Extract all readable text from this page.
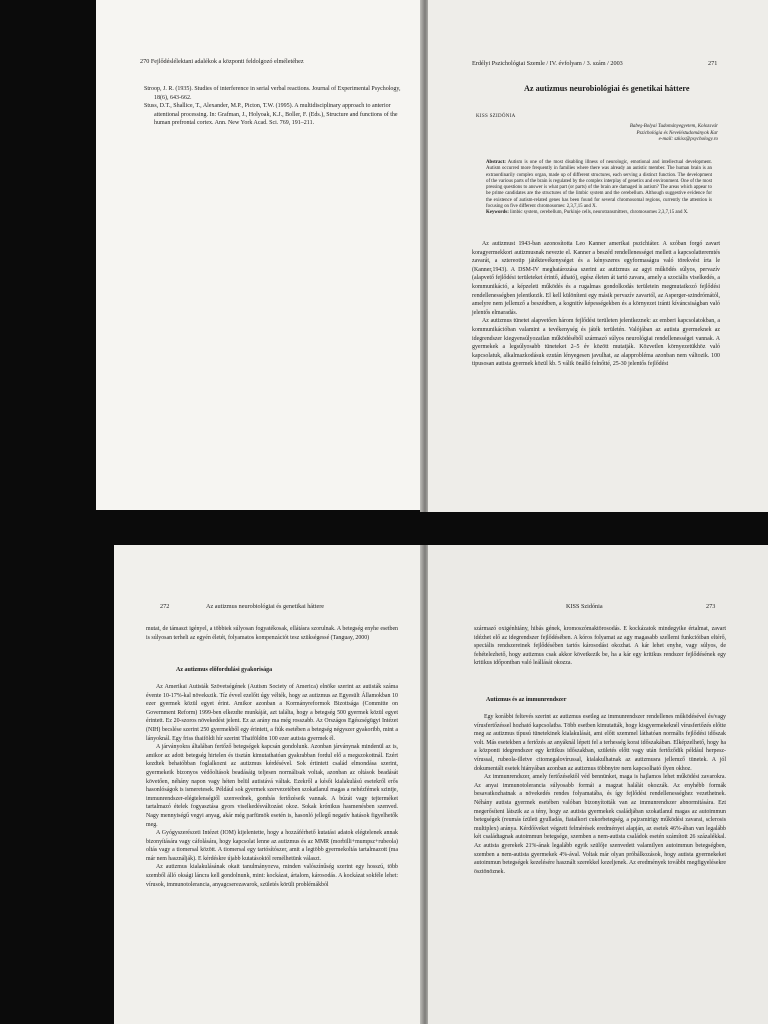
270 Fejlődéslélektani adalékok a központi feldolgozó elméletéhez

Stroop, J. R. (1935). Studies of interference in serial verbal reactions. Journal of Experimental Psychology, 18(6), 643-662.

Stuss, D.T., Shallice, T., Alexander, M.P., Picton, T.W. (1995). A multidisciplinary approach to anterior attentional processing. In: Grafman, J., Holyoak, K.J., Boller, F. (Eds.), Structure and functions of the human prefrontal cortex. Ann. New York Acad. Sci. 769, 191–211.

Erdélyi Pszichológiai Szemle / IV. évfolyam / 3. szám / 2003	271
Az autizmus neurobiológiai és genetikai háttere
KISS SZIDÓNIA
Babeş-Bolyai Tudományegyetem, Kolozsvár
Pszichológia és Neveléstudományok Kar
e-mail: szkiss@psychology.ro

Abstract: Autism is one of the most disabling illness of neurologic, emotional and intellectual development. Autism occurred more frequently in families where there was already an autistic member. The human brain is an extraordinarily complex organ, made up of different structures, each serving a distinct function. The development of the various parts of the brain is regulated by the complex interplay of genetics and environment. One of the most pressing questions to answer is what part (or parts) of the brain are damaged in autism? The areas which appear to be prime candidates are the structures of the limbic system and the cerebellum. Although suggestive evidence for the existence of autism-related genes has been found for several chromosomal regions, currently the attention is focusing on five different chromosomes: 2,3,7,15 and X.

Keywords: limbic system, cerebellum, Purkinje cells, neurotransmitters, chromosomes 2,3,7,15 and X.

Az autizmust 1943-ban azonosította Leo Kanner amerikai pszichiáter. A szóban forgó zavart koragyermekkori autizmusnak nevezte el. Kanner a beszéd rendellenességei mellett a kapcsolatteremtés zavarát, a sztereotip játéktevékenységet és a kényszeres egyformaságra való törekvést írta le (Kanner,1943). A DSM-IV meghatározása szerint az autizmus az agyi működés súlyos, pervazív (alapvető fejlődési területeket érintő, átható), egész életen át tartó zavara, amely a szociális viselkedés, a kommunikáció, a képzeleti működés és a rugalmas gondolkodás területein megmutatkozó fejlődési rendellenességben jelentkezik. El kell különíteni egy másik pervazív zavartól, az Asperger-szindrómától, amelyre nem jellemző a beszédben, a kognitív képességekben és a környezet iránti kíváncsiságban való jelentős elmaradás.

Az autizmus tünetei alapvetően három fejlődési területen jelentkeznek: az emberi kapcsolatokban, a kommunikációban valamint a tevékenység és játék területén. Valójában az autista gyermeknek az idegrendszer kiegyensúlyozatlan működéséből származó súlyos neurológiai rendellenességei vannak. A gyermekek a legsúlyosabb tüneteket 2–5 év között mutatják. Közvetlen környezetükhöz való kapcsolatuk, alkalmazkodásuk ezután lényegesen javulhat, az alapprobléma azonban nem változik. 100 tipusosan autista gyermek közül kb. 5 válik önálló felnőtté, 25-30 jelentős fejlődést

272	Az autizmus neurobiológiai és genetikai háttere

mutat, de támaszt igényel, a többiek súlyosan fogyatékosak, ellátásra szorulnak. A betegség enyhe esetben is súlyosan terheli az egyén életét, folyamatos kompenzációt tesz szükségessé (Tanguay, 2000)

Az autizmus előfordulási gyakorisága

Az Amerikai Autisták Szövetségének (Autism Society of America) elnöke szerint az autisták száma évente 10-17%-kal növekszik. Tíz évvel ezelőtt úgy vélték, hogy az autizmus az Egyesült Államokban 10 ezer gyermek közül egyet érint. Amikor azonban a Kormányreformok Bizottsága (Committe on Government Reform) 1999-ben elkezdte munkáját, azt találta, hogy a betegség 500 gyermek közül egyet érintett. Ez 20-szoros növekedést jelent. Ez az arány ma még rosszabb. Az Országos Egészségügyi Intézet (NIH) becslése szerint 250 gyermekből egy érintett, a fiúk esetében a betegség négyszer gyakoribb, mint a lányoknál. Egy friss thaiföldi hír szerint Thaiföldön 100 ezer autista gyermek él.

A járványokra általában fertőző betegségek kapcsán gondolunk. Azonban járványnak mindenül az is, amikor az adott betegség hirtelen és tisztán kimutathatóan gyakrabban fordul elő a megszokottnál. Ezért kezdtek behatóbban foglalkozni az autizmus kérdésével. Sok értintett család elmondása szerint, gyermekeik bizonyos védőoltások beadásáig teljesen normálisak voltak, azonban az oltások beadását követően, néhány napon vagy héten belül autistává váltak. Ezekről a késői kialakulású esetekről erős hasonlóságok is ismeretesek. Például sok gyermek szervezetében szokatlanul magas a nehézfémek szintje, immunrendszer-elégtelenségtől szenvednek, gombás fertőzéseik vannak. A búzát vagy tejterméket tartalmazó ételek fogyasztása gyors viselkedésváltozást okoz. Sokak krónikus hasmenésben szenved. Nagy mennyiségű vegyi anyag, akár még parfümök esetén is, hasonló jellegű negatív hatások figyelhetők meg.

A Gyógyszerészeti Intézet (IOM) kijelentette, hogy a hozzáférhető kutatási adatok elégtelenek annak bizonyítására vagy cáfolására, hogy kapcsolat lenne az autizmus és az MMR (morbilli+mumpsz+rubeola) oltás vagy a tiomersal között. A tiomersal egy tartósítószer, amit a legtöbb gyermekoltás tartalmazott (ma már nem használják). E kérdéskre újabb kutatásoktól remélhetünk választ.

Az autizmus kialakulásának okait tanulmányozva, minden valószínűség szerint egy hosszú, több szemből álló oksági láncra kell gondolnunk, mint: kockázat, ártalom, károsodás. A kockázat sokféle lehet: vírusok, immunotolerancia, anyagcserezavarok, születés körüli problémákból

KISS Szidónia	273

származó oxigénhiány, hibás gének, kromoszómaktörosodás. E kockázatok mindegyike értalmat, zavart idézhet elő az idegrendszer fejlődésében. A kóros folyamat az agy magasabb szellemi funkcióiban eltérő, speciális rendszereinek fejlődésében tartós károsodást okozhat. A kár lehet enyhe, vagy súlyos, de fehételezhető, hogy autizmus csak akkor következik be, ha a kár egy kritikus rendszer fejlődésének egy kritikus időpontban való leállását okozza.

Autizmus és az immunrendszer

Egy korábbi feltevés szerint az autizmus esetleg az immunrendszer rendellenes működésével és/vagy vírusfertőzéssel hozható kapcsolatba. Több esetben kimutatták, hogy kisgyermekeknél vírusfertőzés előtte meg az autizmus típusú tünetekinek kialakulását, ami előtt szemmel láthatóan normális fejlődési időszak volt. Más esetekben a fertőzés az anyáknál lépett fel a terhesség korai időszakában. Elképzelhető, hogy ha a központi idegrendszer egy kritikus időszakban, születés előtt vagy után fertőződik például herpesz-vírussal, rubeola-illetve citomegalovírussal, kialakulhatnak az autizmusra jellemző tünetek. A jól dokumentált esetek hiányában azonban az autizmus többnyire nem kapcsolható ilyen okhoz.

Az immunrendszer, amely fertőzésektől véd bennünket, maga is hajlamos lehet működési zavarokra. Az anyai immunotolerancia súlyosabb formái a magzat halálát okozzák. Az enyhébb formák besavatkozhatnak a növekedés rendes folyamatába, és így fejlődési rendellenességhez vezethetnek. Néhány autista gyermek esetében valóban bizonyították van az immunrendszer abnormitására. Ezt megerősíteni látszik az a tény, hogy az autista gyermekek családjában szokatlanul magas az autoimmun betegségek (reumás ízületi gyulladás, fiatalkori cukorbetegség, a pajzsmirigy működési zavarai, sclerosis multiplex) aránya. Kérdőíveket végzett felmérések eredményei alapján, az esetek 46%-ában van legalább két családtagnak autoimmun betegsége, szemben a nem-autista családok esetén számított 26 százalékkal. Az autista gyerekek 21%-ának legalább egyik szülője szenvedett valamilyen autoimmun betegségben, szemben a nem-autista gyermekek 4%-ával. Voltak már olyan próbálkozások, hogy autista gyermekeket autoimmun betegségek kezelésére használt szerekkel kezeljenek. Az eredmények további megfigyelésekre ösztönöznek.
